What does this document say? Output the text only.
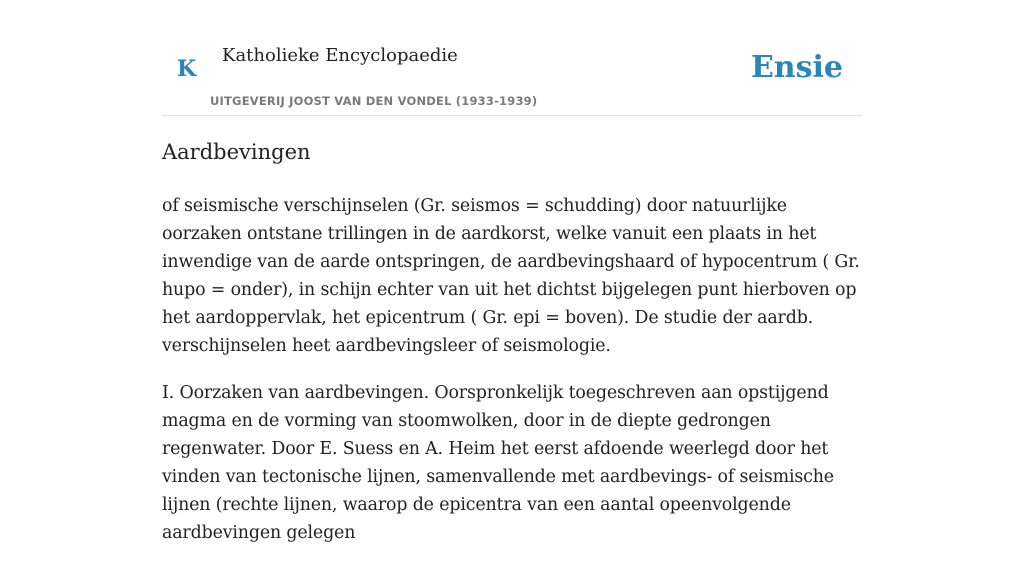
K
Katholieke Encyclopaedie	Ensie
UITGEVERIJ JOOST VAN DEN VONDEL (1933-1939)
Aardbevingen

of seismische verschijnselen (Gr. seismos = schudding) door natuurlijke oorzaken ontstane trillingen in de aardkorst, welke vanuit een plaats in het inwendige van de aarde ontspringen, de aardbevingshaard of hypocentrum ( Gr. hupo = onder), in schijn echter van uit het dichtst bijgelegen punt hierboven op het aardoppervlak, het epicentrum ( Gr. epi = boven). De studie der aardb. verschijnselen heet aardbevingsleer of seismologie.

I. Oorzaken van aardbevingen. Oorspronkelijk toegeschreven aan opstijgend magma en de vorming van stoomwolken, door in de diepte gedrongen regenwater. Door E. Suess en A. Heim het eerst afdoende weerlegd door het vinden van tectonische lijnen, samenvallende met aardbevings- of seismische lijnen (rechte lijnen, waarop de epicentra van een aantal opeenvolgende aardbevingen gelegen
